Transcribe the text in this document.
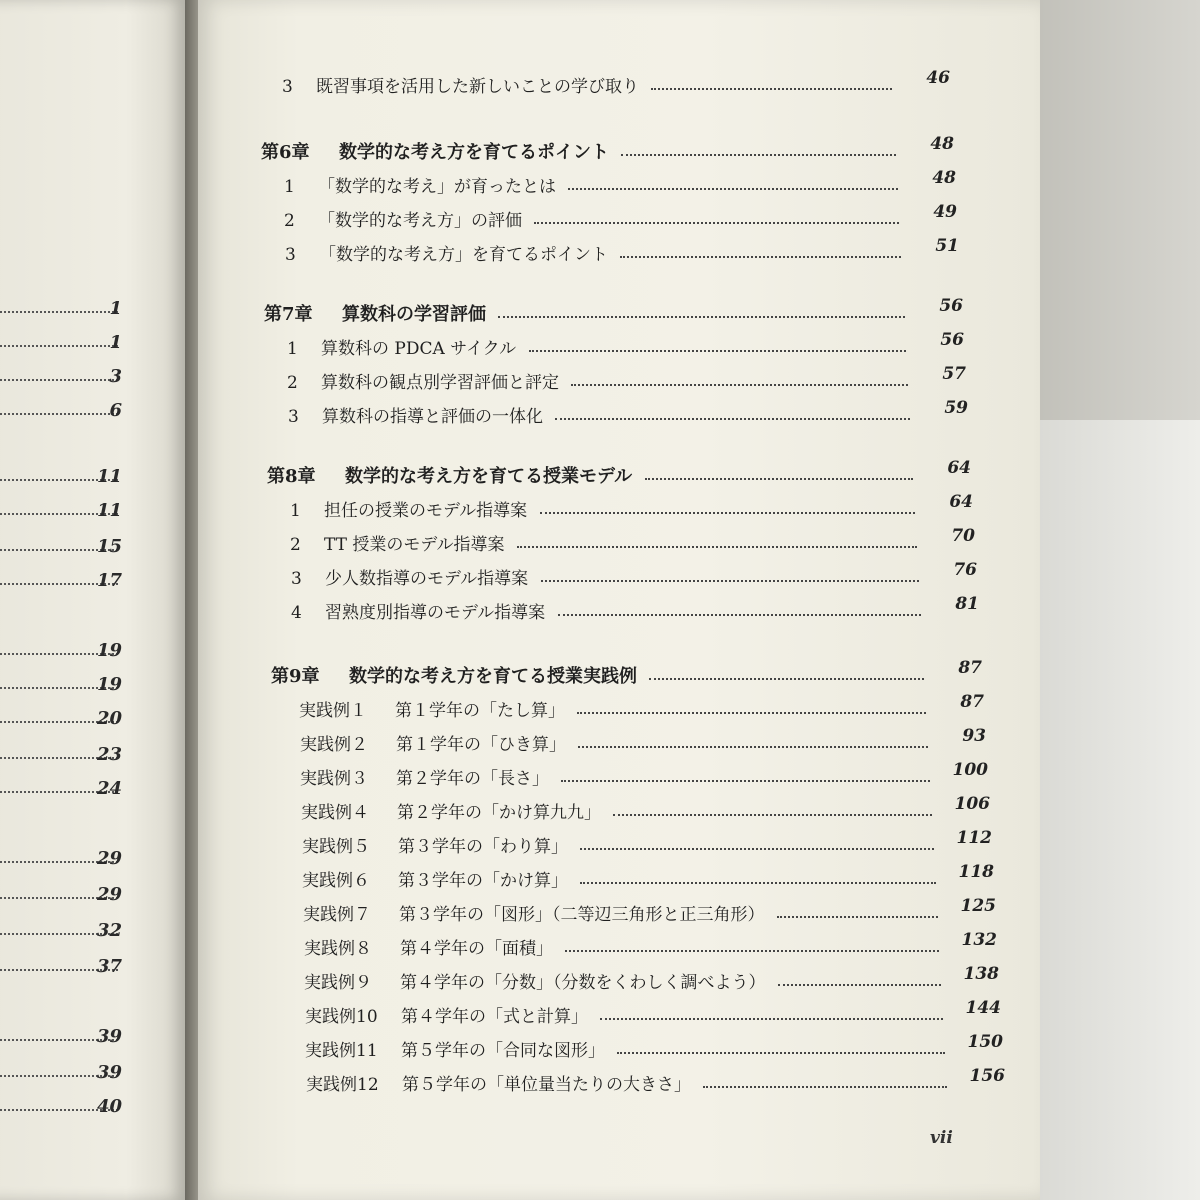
1
1
3
6
11
11
15
17
19
19
20
23
24
29
29
32
37
39
39
40
vii
3 既習事項を活用した新しいことの学び取り	46
第6章 数学的な考え方を育てるポイント	48
1 「数学的な考え」が育ったとは	48
2 「数学的な考え方」の評価	49
3 「数学的な考え方」を育てるポイント	51
第7章 算数科の学習評価	56
1 算数科の PDCA サイクル	56
2 算数科の観点別学習評価と評定	57
3 算数科の指導と評価の一体化	59
第8章 数学的な考え方を育てる授業モデル	64
1 担任の授業のモデル指導案	64
2 TT 授業のモデル指導案	70
3 少人数指導のモデル指導案	76
4 習熟度別指導のモデル指導案	81
第9章 数学的な考え方を育てる授業実践例	87
実践例１ 第１学年の「たし算」	87
実践例２ 第１学年の「ひき算」	93
実践例３ 第２学年の「長さ」	100
実践例４ 第２学年の「かけ算九九」	106
実践例５ 第３学年の「わり算」	112
実践例６ 第３学年の「かけ算」	118
実践例７ 第３学年の「図形」（二等辺三角形と正三角形）	125
実践例８ 第４学年の「面積」	132
実践例９ 第４学年の「分数」（分数をくわしく調べよう）	138
実践例10 第４学年の「式と計算」	144
実践例11 第５学年の「合同な図形」	150
実践例12 第５学年の「単位量当たりの大きさ」	156
